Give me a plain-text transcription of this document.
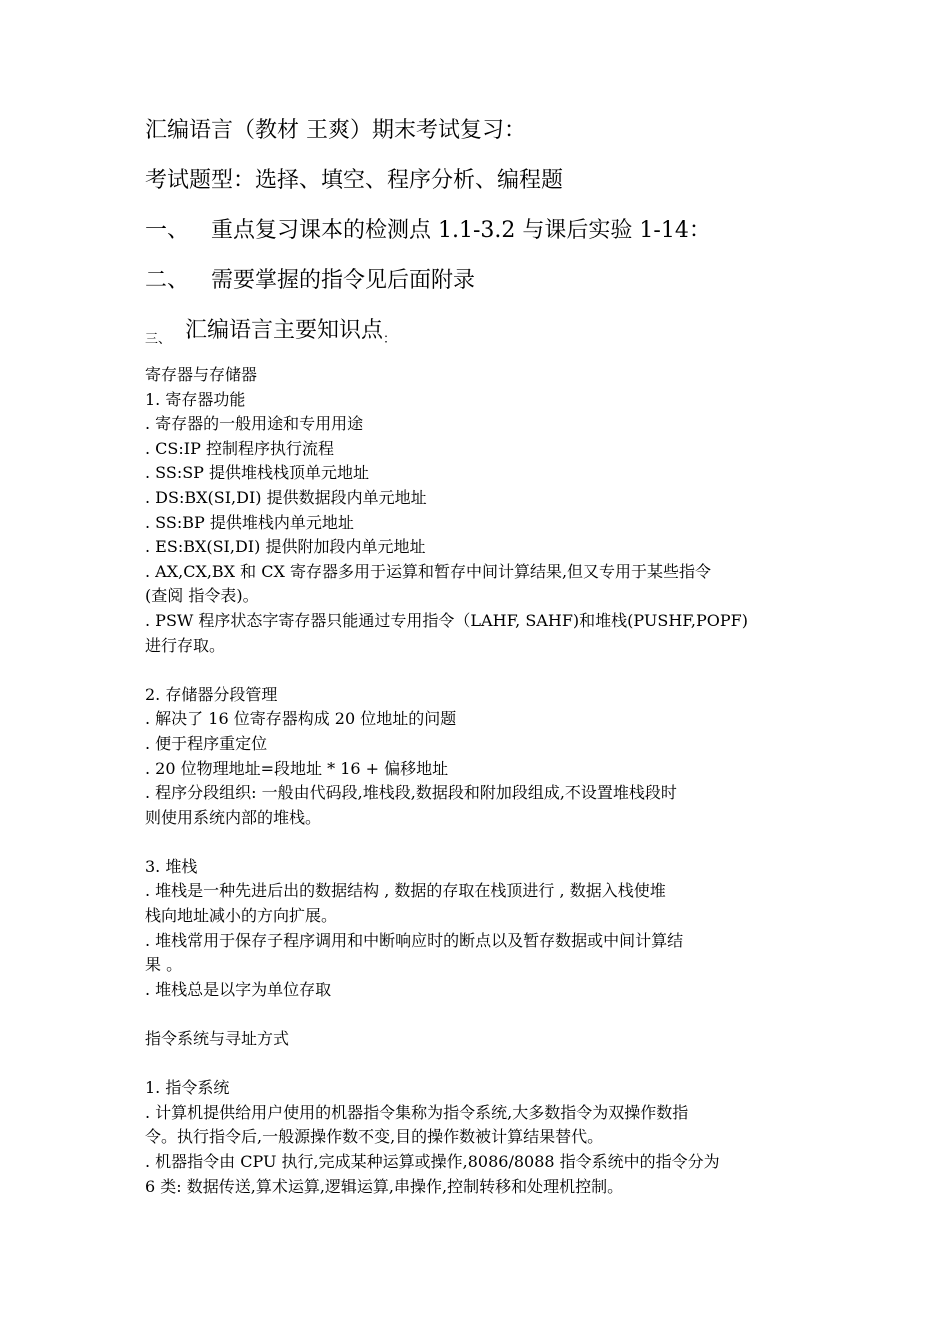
汇编语言（教材 王爽）期末考试复习：
考试题型：选择、填空、程序分析、编程题
一、 重点复习课本的检测点 1.1-3.2 与课后实验 1-14：
二、 需要掌握的指令见后面附录
三、 汇编语言主要知识点$_:$
寄存器与存储器
1. 寄存器功能
. 寄存器的一般用途和专用用途
. CS:IP 控制程序执行流程
. SS:SP 提供堆栈栈顶单元地址
. DS:BX(SI,DI) 提供数据段内单元地址
. SS:BP 提供堆栈内单元地址
. ES:BX(SI,DI) 提供附加段内单元地址
. AX,CX,BX 和 CX 寄存器多用于运算和暂存中间计算结果,但又专用于某些指令
(查阅 指令表)。
. PSW 程序状态字寄存器只能通过专用指令（LAHF, SAHF)和堆栈(PUSHF,POPF)
进行存取。
2. 存储器分段管理
. 解决了 16 位寄存器构成 20 位地址的问题
. 便于程序重定位
. 20 位物理地址=段地址 * 16 + 偏移地址
. 程序分段组织: 一般由代码段,堆栈段,数据段和附加段组成,不设置堆栈段时
则使用系统内部的堆栈。
3. 堆栈
. 堆栈是一种先进后出的数据结构 , 数据的存取在栈顶进行 , 数据入栈使堆
栈向地址减小的方向扩展。
. 堆栈常用于保存子程序调用和中断响应时的断点以及暂存数据或中间计算结
果 。
. 堆栈总是以字为单位存取
指令系统与寻址方式
1. 指令系统
. 计算机提供给用户使用的机器指令集称为指令系统,大多数指令为双操作数指
令。执行指令后,一般源操作数不变,目的操作数被计算结果替代。
. 机器指令由 CPU 执行,完成某种运算或操作,8086/8088 指令系统中的指令分为
6 类: 数据传送,算术运算,逻辑运算,串操作,控制转移和处理机控制。
